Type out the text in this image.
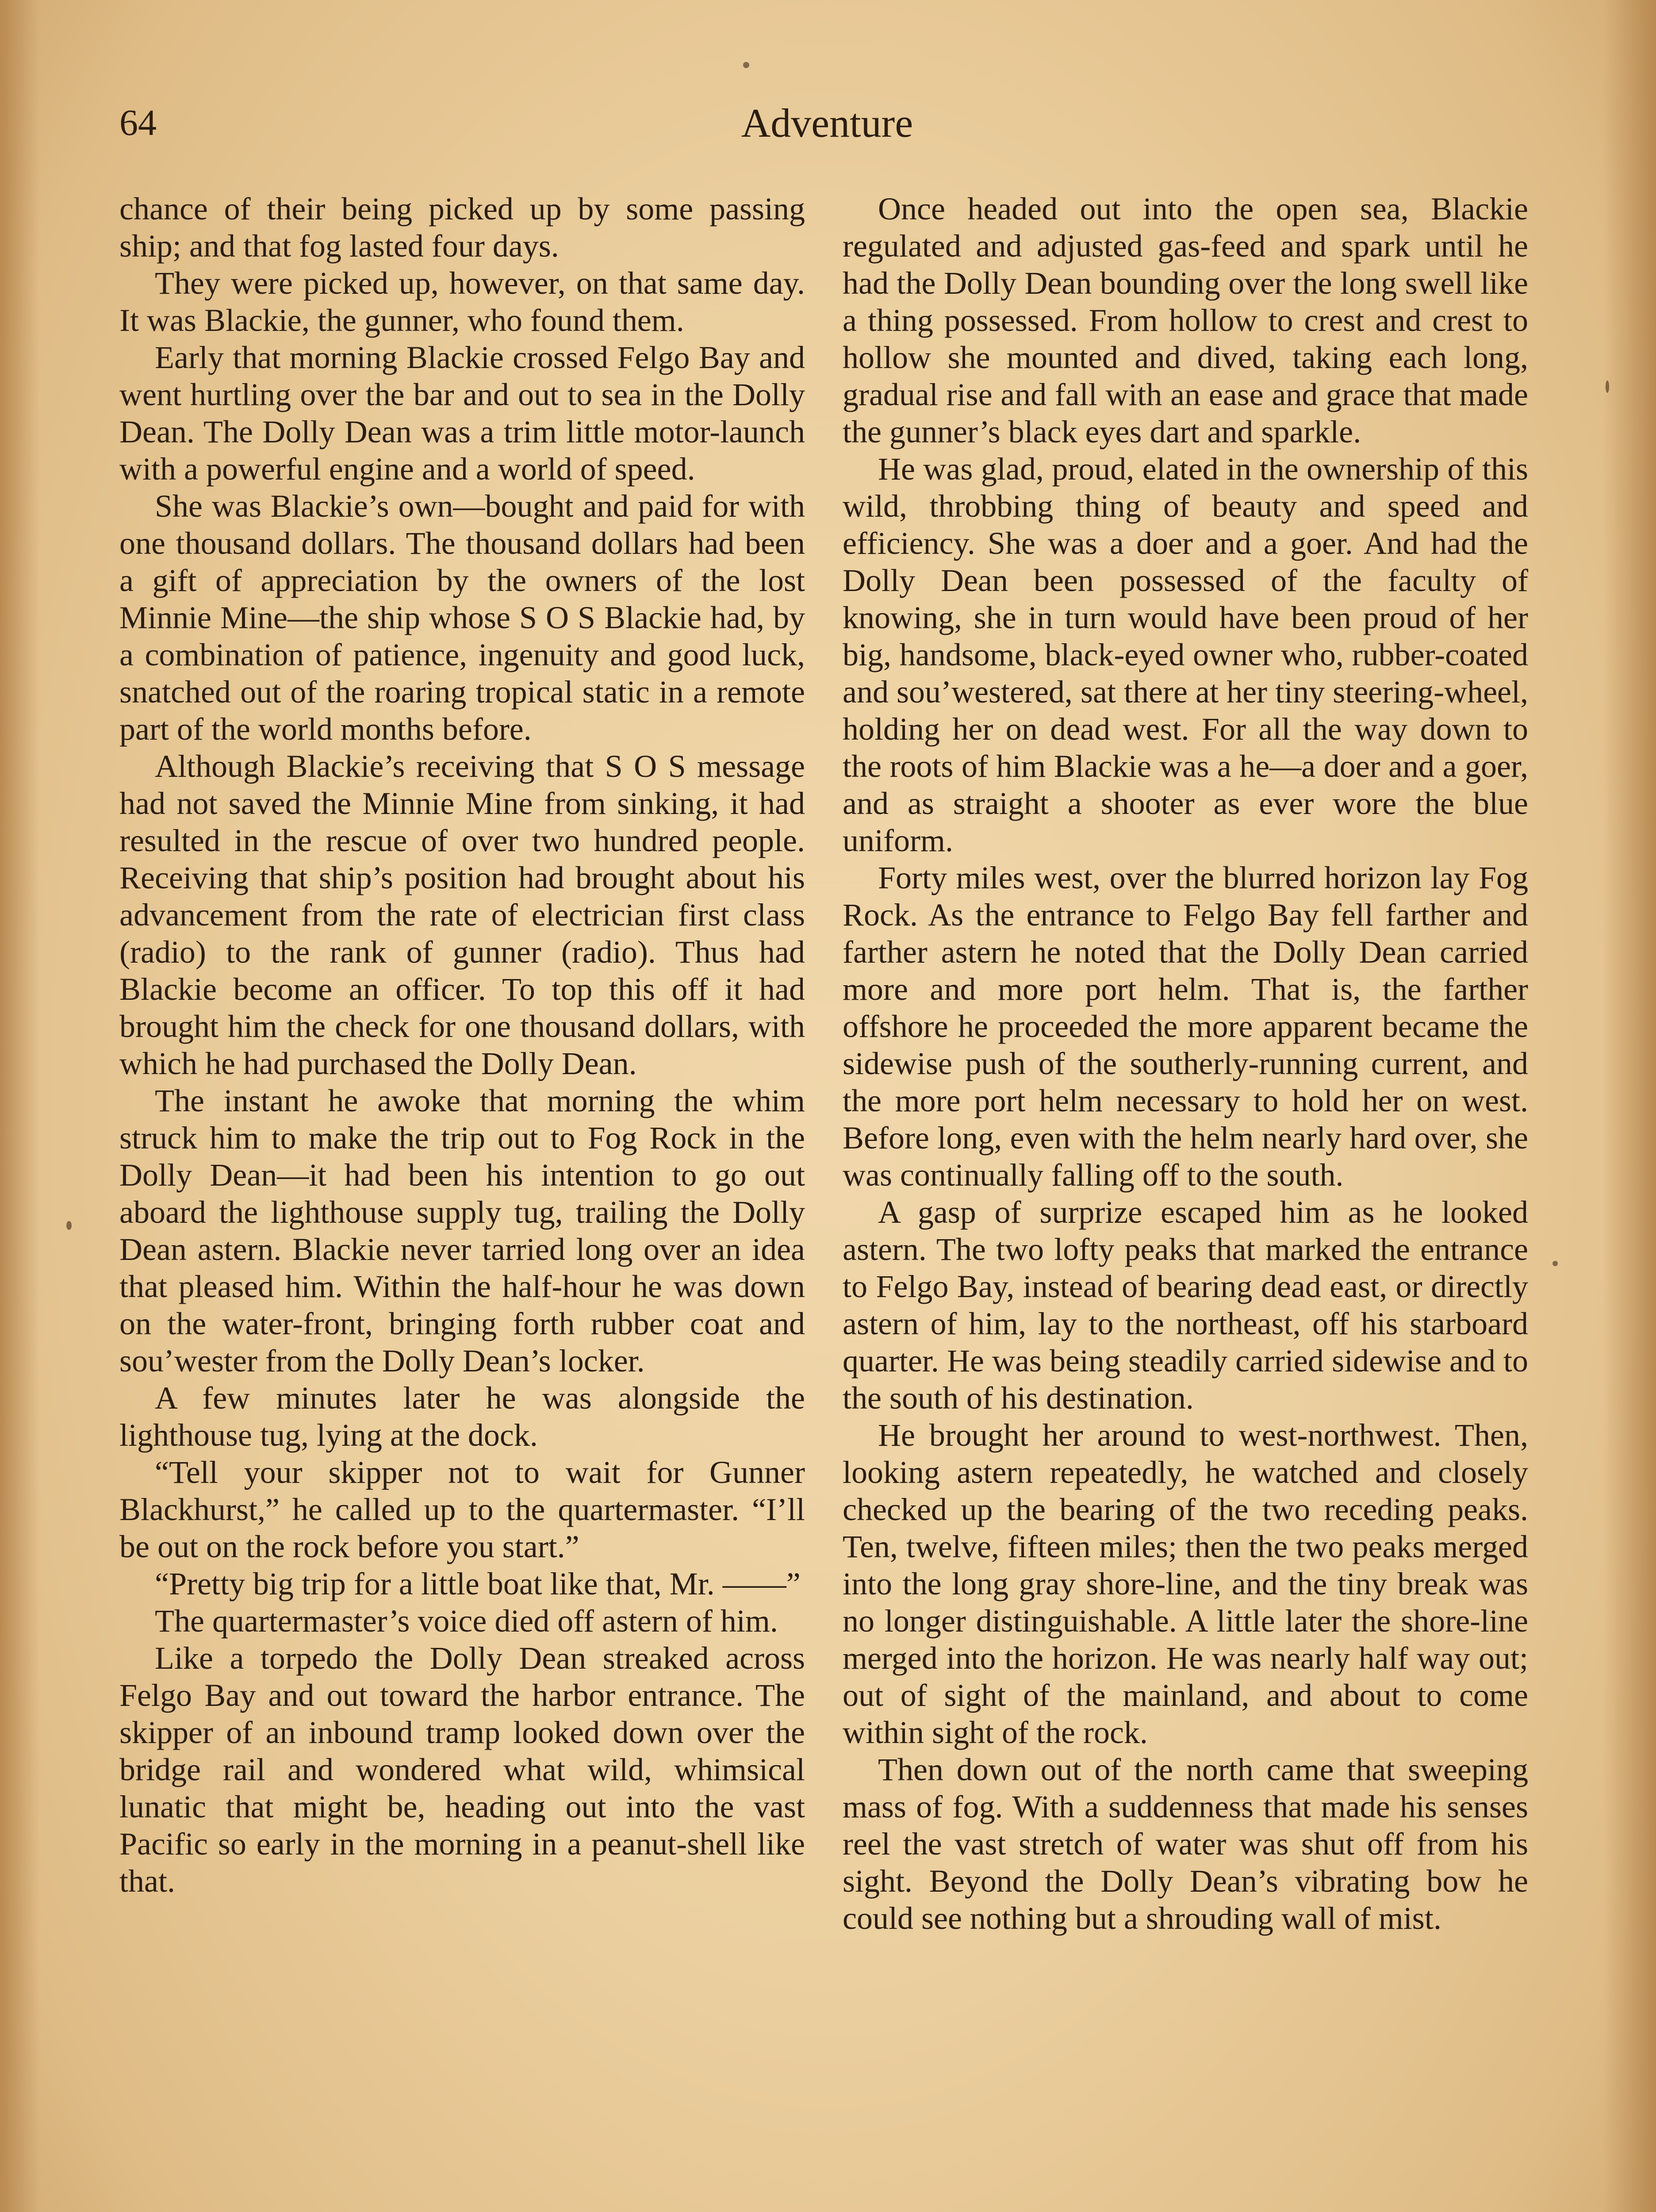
64	Adventure

chance of their being picked up by some passing ship; and that fog lasted four days.

They were picked up, however, on that same day. It was Blackie, the gunner, who found them.

Early that morning Blackie crossed Felgo Bay and went hurtling over the bar and out to sea in the Dolly Dean. The Dolly Dean was a trim little motor-launch with a powerful engine and a world of speed.

She was Blackie’s own—bought and paid for with one thousand dollars. The thousand dollars had been a gift of appreciation by the owners of the lost Minnie Mine—the ship whose S O S Blackie had, by a combination of patience, ingenuity and good luck, snatched out of the roaring tropical static in a remote part of the world months before.

Although Blackie’s receiving that S O S message had not saved the Minnie Mine from sinking, it had resulted in the rescue of over two hundred people. Receiving that ship’s position had brought about his advancement from the rate of electrician first class (radio) to the rank of gunner (radio). Thus had Blackie become an officer. To top this off it had brought him the check for one thousand dollars, with which he had purchased the Dolly Dean.

The instant he awoke that morning the whim struck him to make the trip out to Fog Rock in the Dolly Dean—it had been his intention to go out aboard the lighthouse supply tug, trailing the Dolly Dean astern. Blackie never tarried long over an idea that pleased him. Within the half-hour he was down on the water-front, bringing forth rubber coat and sou’wester from the Dolly Dean’s locker.

A few minutes later he was alongside the lighthouse tug, lying at the dock.

“Tell your skipper not to wait for Gunner Blackhurst,” he called up to the quartermaster. “I’ll be out on the rock before you start.”

“Pretty big trip for a little boat like that, Mr. ——”

The quartermaster’s voice died off astern of him.

Like a torpedo the Dolly Dean streaked across Felgo Bay and out toward the harbor entrance. The skipper of an inbound tramp looked down over the bridge rail and wondered what wild, whimsical lunatic that might be, heading out into the vast Pacific so early in the morning in a peanut-shell like that.

Once headed out into the open sea, Blackie regulated and adjusted gas-feed and spark until he had the Dolly Dean bounding over the long swell like a thing possessed. From hollow to crest and crest to hollow she mounted and dived, taking each long, gradual rise and fall with an ease and grace that made the gunner’s black eyes dart and sparkle.

He was glad, proud, elated in the ownership of this wild, throbbing thing of beauty and speed and efficiency. She was a doer and a goer. And had the Dolly Dean been possessed of the faculty of knowing, she in turn would have been proud of her big, handsome, black-eyed owner who, rubber-coated and sou’westered, sat there at her tiny steering-wheel, holding her on dead west. For all the way down to the roots of him Blackie was a he—a doer and a goer, and as straight a shooter as ever wore the blue uniform.

Forty miles west, over the blurred horizon lay Fog Rock. As the entrance to Felgo Bay fell farther and farther astern he noted that the Dolly Dean carried more and more port helm. That is, the farther offshore he proceeded the more apparent became the sidewise push of the southerly-running current, and the more port helm necessary to hold her on west. Before long, even with the helm nearly hard over, she was continually falling off to the south.

A gasp of surprize escaped him as he looked astern. The two lofty peaks that marked the entrance to Felgo Bay, instead of bearing dead east, or directly astern of him, lay to the northeast, off his starboard quarter. He was being steadily carried sidewise and to the south of his destination.

He brought her around to west-northwest. Then, looking astern repeatedly, he watched and closely checked up the bearing of the two receding peaks. Ten, twelve, fifteen miles; then the two peaks merged into the long gray shore-line, and the tiny break was no longer distinguishable. A little later the shore-line merged into the horizon. He was nearly half way out; out of sight of the mainland, and about to come within sight of the rock.

Then down out of the north came that sweeping mass of fog. With a suddenness that made his senses reel the vast stretch of water was shut off from his sight. Beyond the Dolly Dean’s vibrating bow he could see nothing but a shrouding wall of mist.
